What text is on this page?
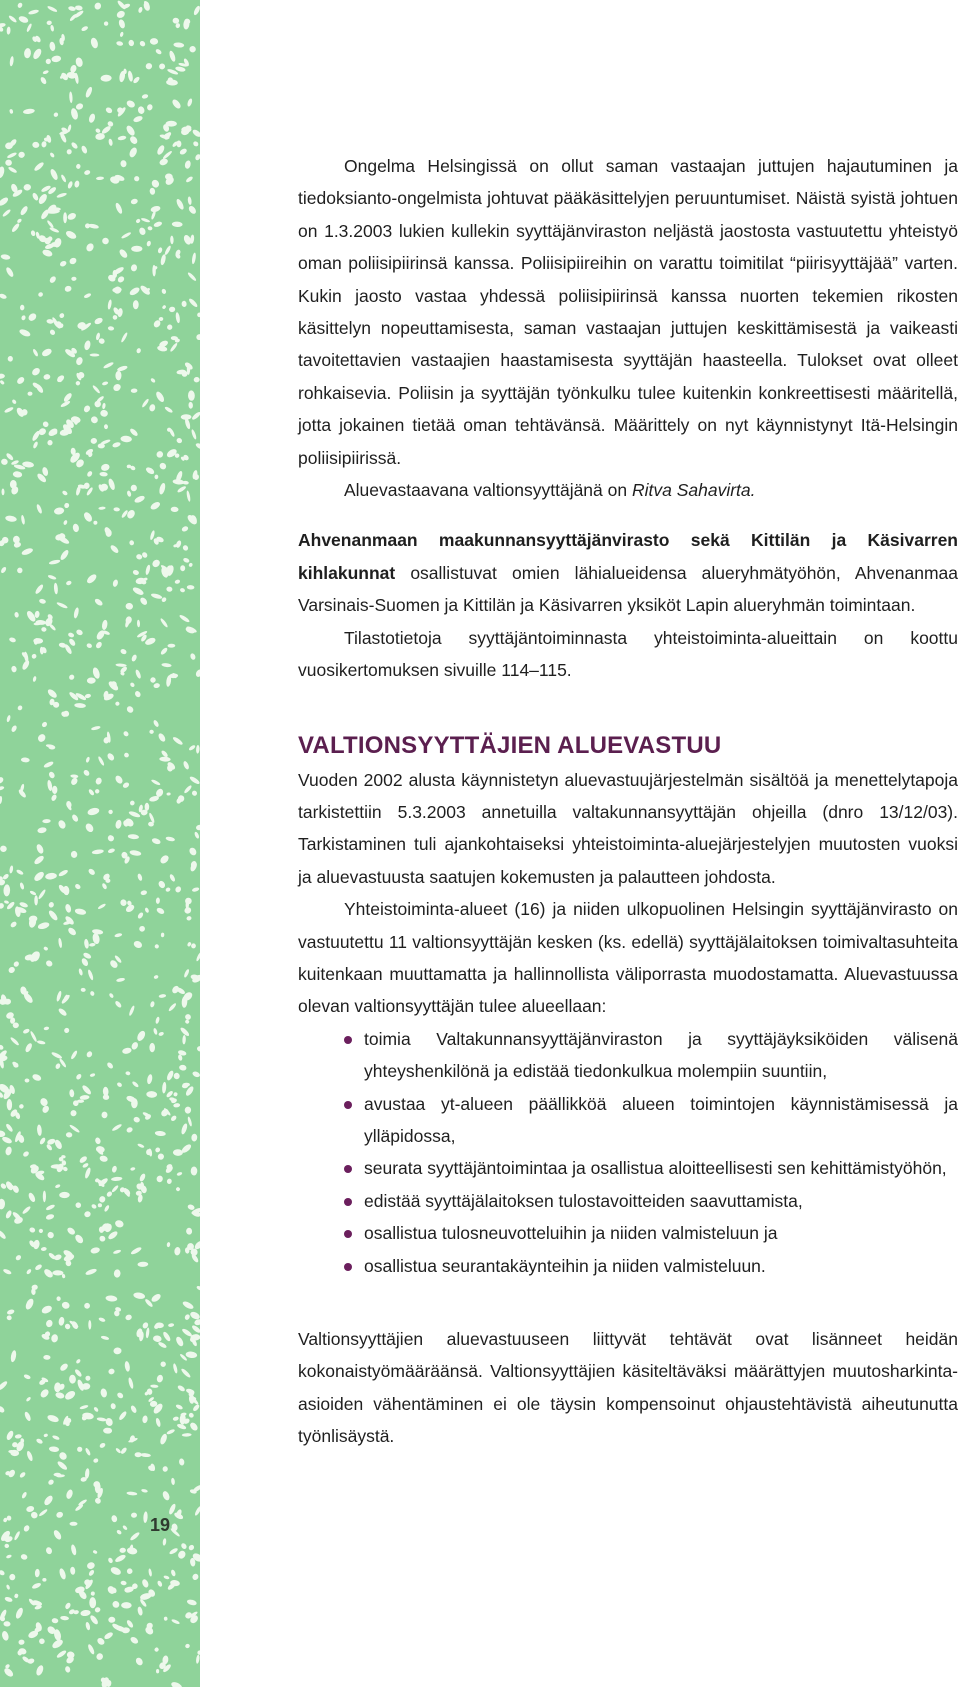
19

Ongelma Helsingissä on ollut saman vastaajan juttujen hajautuminen ja tiedoksianto-ongelmista johtuvat pääkäsittelyjen peruuntumiset. Näistä syistä johtuen on 1.3.2003 lukien kullekin syyttäjänviraston neljästä jaostosta vastuutettu yhteistyö oman poliisipiirinsä kanssa. Poliisipiireihin on varattu toimitilat “piirisyyttäjää” varten. Kukin jaosto vastaa yhdessä poliisipiirinsä kanssa nuorten tekemien rikosten käsittelyn nopeuttamisesta, saman vastaajan juttujen keskittämisestä ja vaikeasti tavoitettavien vastaajien haastamisesta syyttäjän haasteella. Tulokset ovat olleet rohkaisevia. Poliisin ja syyttäjän työnkulku tulee kuitenkin konkreettisesti määritellä, jotta jokainen tietää oman tehtävänsä. Määrittely on nyt käynnistynyt Itä-Helsingin poliisipiirissä.

Aluevastaavana valtionsyyttäjänä on Ritva Sahavirta.

Ahvenanmaan maakunnansyyttäjänvirasto sekä Kittilän ja Käsivarren kihlakunnat osallistuvat omien lähialueidensa alueryhmätyöhön, Ahvenanmaa Varsinais-Suomen ja Kittilän ja Käsivarren yksiköt Lapin alueryhmän toimintaan.

Tilastotietoja syyttäjäntoiminnasta yhteistoiminta-alueittain on koottu vuosikertomuksen sivuille 114–115.

VALTIONSYYTTÄJIEN ALUEVASTUU

Vuoden 2002 alusta käynnistetyn aluevastuujärjestelmän sisältöä ja menettelytapoja tarkistettiin 5.3.2003 annetuilla valtakunnansyyttäjän ohjeilla (dnro 13/12/03). Tarkistaminen tuli ajankohtaiseksi yhteistoiminta-aluejärjestelyjen muutosten vuoksi ja aluevastuusta saatujen kokemusten ja palautteen johdosta.

Yhteistoiminta-alueet (16) ja niiden ulkopuolinen Helsingin syyttäjänvirasto on vastuutettu 11 valtionsyyttäjän kesken (ks. edellä) syyttäjälaitoksen toimivaltasuhteita kuitenkaan muuttamatta ja hallinnollista väliporrasta muodostamatta. Aluevastuussa olevan valtionsyyttäjän tulee alueellaan:

toimia Valtakunnansyyttäjänviraston ja syyttäjäyksiköiden välisenä yhteyshenkilönä ja edistää tiedonkulkua molempiin suuntiin,
avustaa yt-alueen päällikköä alueen toimintojen käynnistämisessä ja ylläpidossa,
seurata syyttäjäntoimintaa ja osallistua aloitteellisesti sen kehittämistyöhön,
edistää syyttäjälaitoksen tulostavoitteiden saavuttamista,
osallistua tulosneuvotteluihin ja niiden valmisteluun ja
osallistua seurantakäynteihin ja niiden valmisteluun.

Valtionsyyttäjien aluevastuuseen liittyvät tehtävät ovat lisänneet heidän kokonaistyömääräänsä. Valtionsyyttäjien käsiteltäväksi määrättyjen muutosharkinta-asioiden vähentäminen ei ole täysin kompensoinut ohjaustehtävistä aiheutunutta työnlisäystä.
